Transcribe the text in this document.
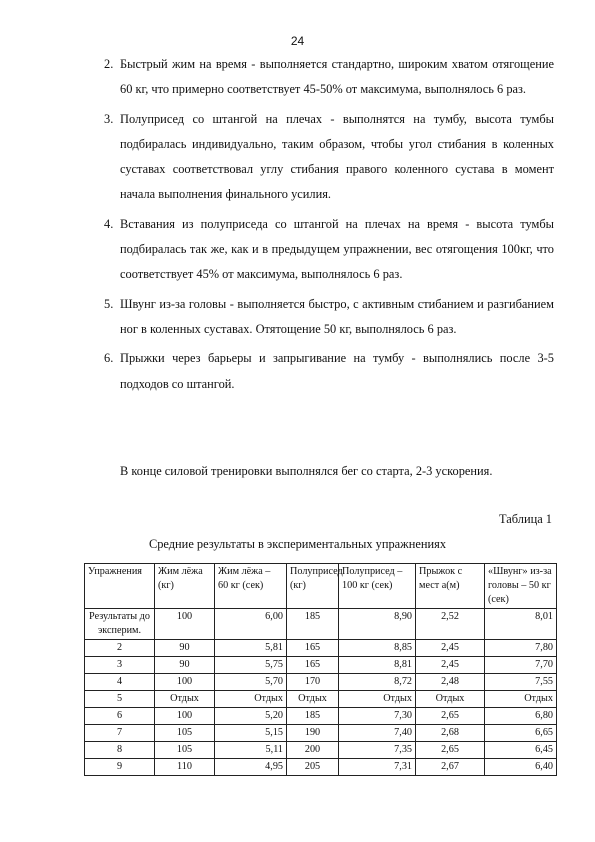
24

2. Быстрый жим на время - выполняется стандартно, широким хватом отягощение 60 кг, что примерно соответствует 45-50% от максимума, выполнялось 6 раз.

3. Полуприсед со штангой на плечах - выполнятся на тумбу, высота тумбы подбиралась индивидуально, таким образом, чтобы угол стибания в коленных суставах соответствовал углу стибания правого коленного сустава в момент начала выполнения финального усилия.

4. Вставания из полуприседа со штангой на плечах на время - высота тумбы подбиралась так же, как и в предыдущем упражнении, вес отягощения 100кг, что соответствует 45% от максимума, выполнялось 6 раз.

5. Швунг из-за головы - выполняется быстро, с активным стибанием и разгибанием ног в коленных суставах. Отятощение 50 кг, выполнялось 6 раз.

6. Прыжки через барьеры и запрыгивание на тумбу - выполнялись после 3-5 подходов со штангой.

В конце силовой тренировки выполнялся бег со старта, 2-3 ускорения.
Таблица 1
Средние результаты в экспериментальных упражнениях
Упражнения	Жим лёжа (кг)	Жим лёжа – 60 кг (сек)	Полуприсед (кг)	Полуприсед – 100 кг (сек)	Прыжок с мест а(м)	«Швунг» из-за головы – 50 кг (сек)
Результаты до эксперим.	100	6,00	185	8,90	2,52	8,01
2	90	5,81	165	8,85	2,45	7,80
3	90	5,75	165	8,81	2,45	7,70
4	100	5,70	170	8,72	2,48	7,55
5	Отдых	Отдых	Отдых	Отдых	Отдых	Отдых
6	100	5,20	185	7,30	2,65	6,80
7	105	5,15	190	7,40	2,68	6,65
8	105	5,11	200	7,35	2,65	6,45
9	110	4,95	205	7,31	2,67	6,40
